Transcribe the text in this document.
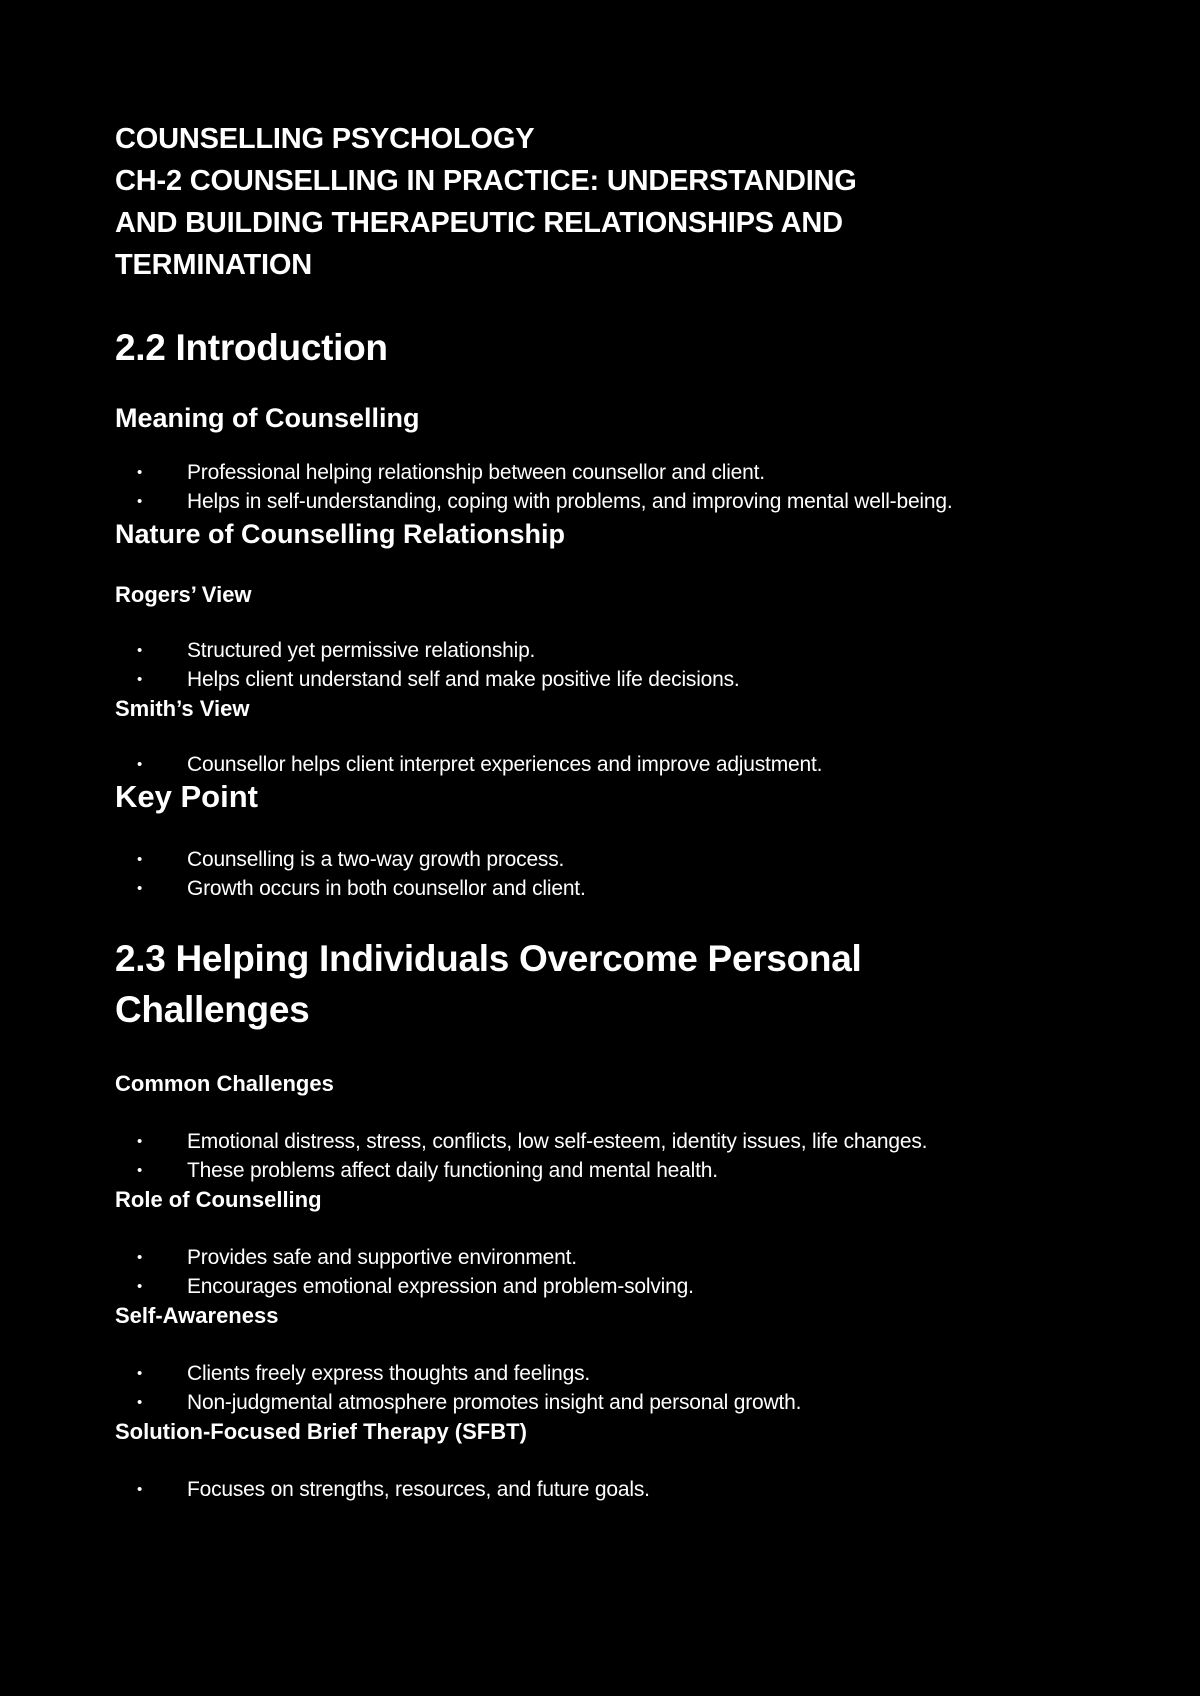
COUNSELLING PSYCHOLOGY
CH-2 COUNSELLING IN PRACTICE: UNDERSTANDING
AND BUILDING THERAPEUTIC RELATIONSHIPS AND
TERMINATION
2.2 Introduction
Meaning of Counselling
• Professional helping relationship between counsellor and client.
• Helps in self-understanding, coping with problems, and improving mental well-being.
Nature of Counselling Relationship
Rogers’ View
• Structured yet permissive relationship.
• Helps client understand self and make positive life decisions.
Smith’s View
• Counsellor helps client interpret experiences and improve adjustment.
Key Point
• Counselling is a two-way growth process.
• Growth occurs in both counsellor and client.
2.3 Helping Individuals Overcome Personal Challenges
Common Challenges
• Emotional distress, stress, conflicts, low self-esteem, identity issues, life changes.
• These problems affect daily functioning and mental health.
Role of Counselling
• Provides safe and supportive environment.
• Encourages emotional expression and problem-solving.
Self-Awareness
• Clients freely express thoughts and feelings.
• Non-judgmental atmosphere promotes insight and personal growth.
Solution-Focused Brief Therapy (SFBT)
• Focuses on strengths, resources, and future goals.
